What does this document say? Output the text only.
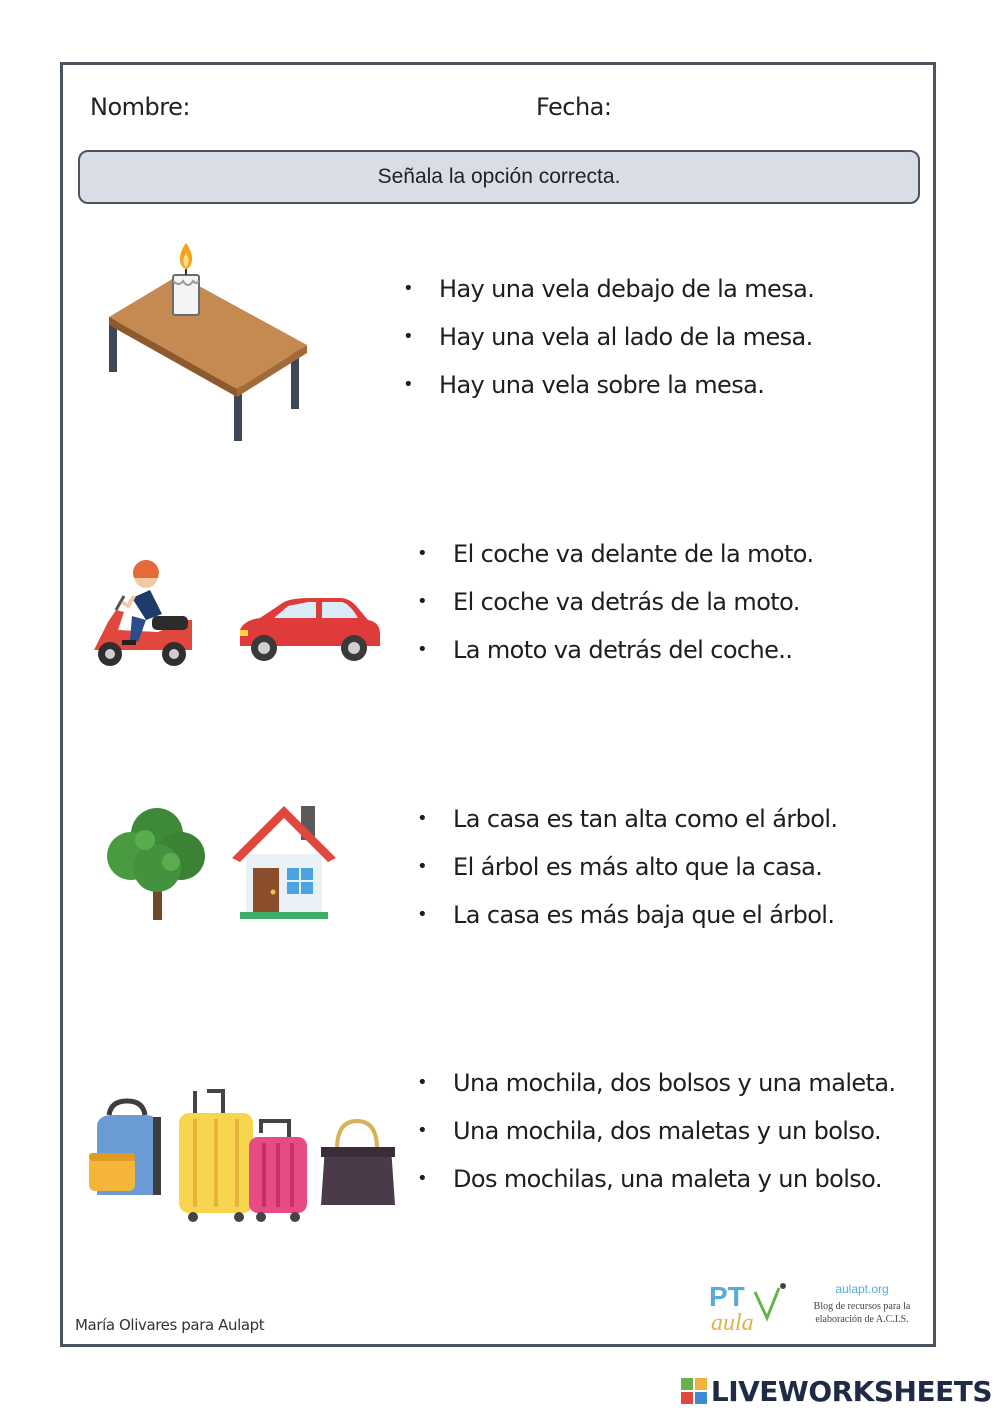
Nombre:	Fecha:
Señala la opción correcta.
• Hay una vela debajo de la mesa.
• Hay una vela al lado de la mesa.
• Hay una vela sobre la mesa.
• El coche va delante de la moto.
• El coche va detrás de la moto.
• La moto va detrás del coche..
• La casa es tan alta como el árbol.
• El árbol es más alto que la casa.
• La casa es más baja que el árbol.
• Una mochila, dos bolsos y una maleta.
• Una mochila, dos maletas y un bolso.
• Dos mochilas, una maleta y un bolso.
María Olivares para Aulapt
PT
aula
aulapt.org
Blog de recursos para la
elaboración de A.C.I.S.
LIVEWORKSHEETS
